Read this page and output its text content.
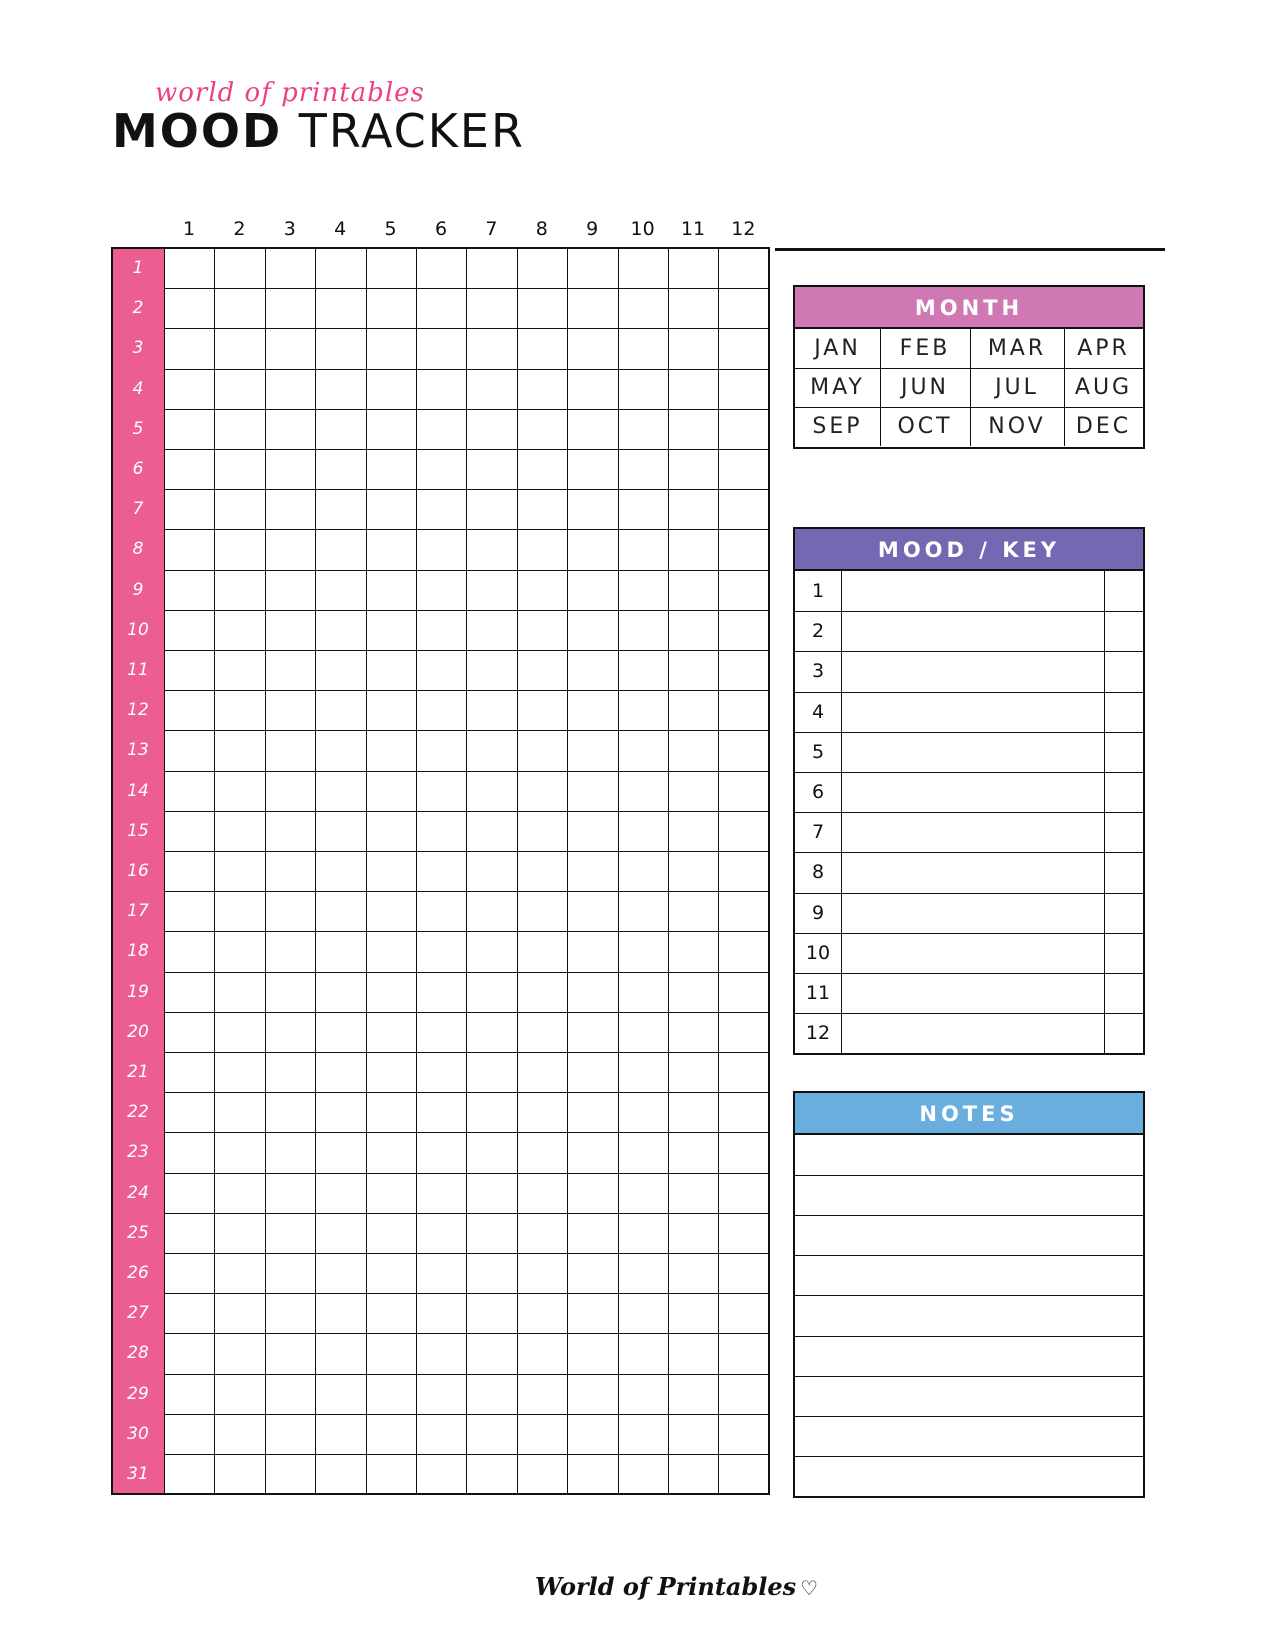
world of printables
MOOD TRACKER
1	2	3	4	5	6	7	8	9	10	11	12
1
2
3
4
5
6
7
8
9
10
11
12
13
14
15
16
17
18
19
20
21
22
23
24
25
26
27
28
29
30
31
MONTH
JAN	FEB	MAR	APR
MAY	JUN	JUL	AUG
SEP	OCT	NOV	DEC
MOOD / KEY
1
2
3
4
5
6
7
8
9
10
11
12
NOTES
World of Printables ♡
